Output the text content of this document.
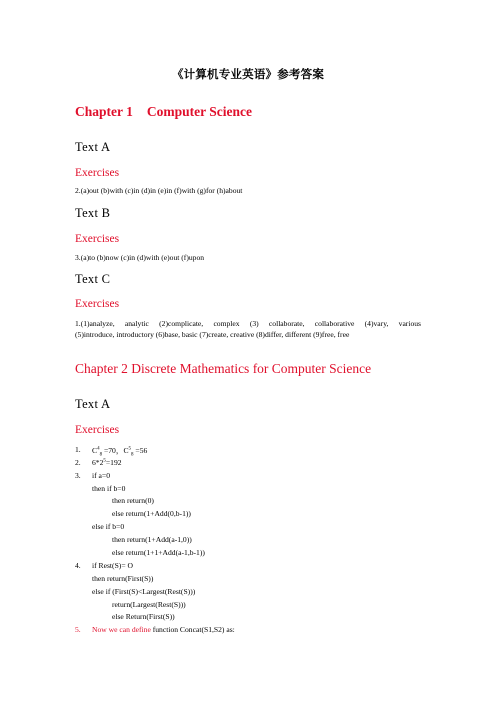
《计算机专业英语》参考答案
Chapter 1 Computer Science
Text A
Exercises
2.(a)out (b)with (c)in (d)in (e)in (f)with (g)for (h)about
Text B
Exercises
3.(a)to (b)now (c)in (d)with (e)out (f)upon
Text C
Exercises
1.(1)analyze, analytic (2)complicate, complex (3) collaborate, collaborative (4)vary, various
(5)introduce, introductory (6)base, basic (7)create, creative (8)differ, different (9)free, free
Chapter 2 Discrete Mathematics for Computer Science
Text A
Exercises
1. $C^4_8 =70$，$C^5_8 =56$
2. $6*2^5=192$
3. if a=0
then if b=0
then return(0)
else return(1+Add(0,b-1))
else if b=0
then return(1+Add(a-1,0))
else return(1+1+Add(a-1,b-1))
4. if Rest(S)= O
then return(First(S))
else if (First(S)<Largest(Rest(S)))
return(Largest(Rest(S)))
else Return(First(S))
5. Now we can define function Concat(S1,S2) as:
